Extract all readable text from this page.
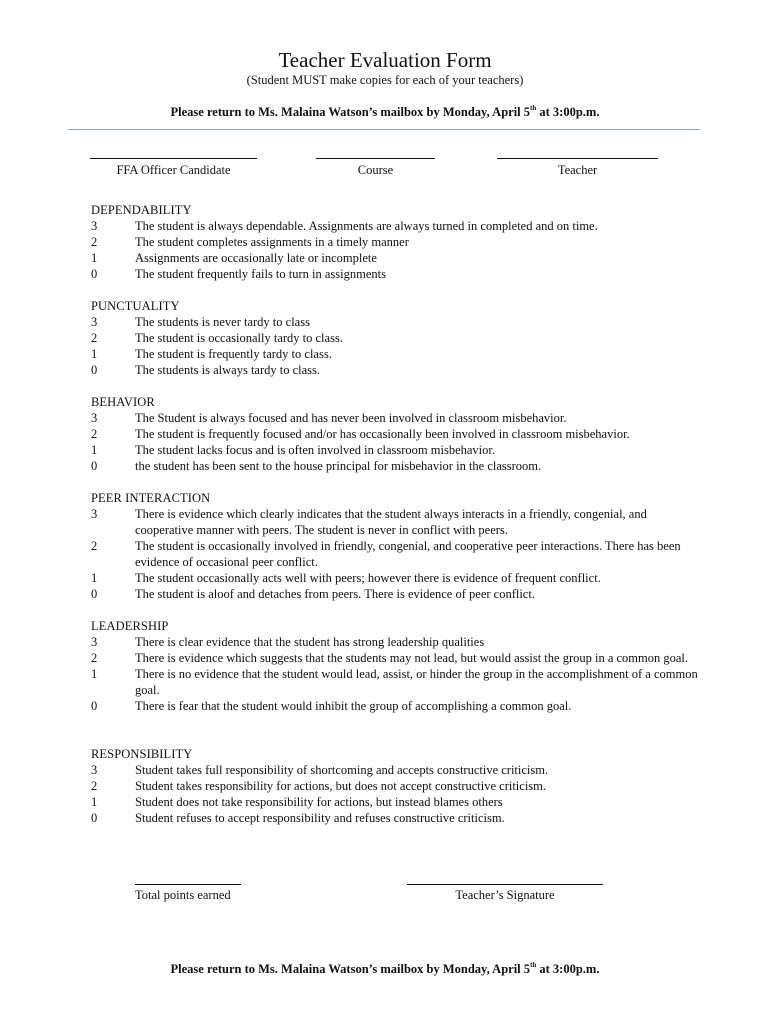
Teacher Evaluation Form
(Student MUST make copies for each of your teachers)
Please return to Ms. Malaina Watson’s mailbox by Monday, April 5th at 3:00p.m.
FFA Officer Candidate	Course	Teacher
DEPENDABILITY
3	The student is always dependable. Assignments are always turned in completed and on time.
2	The student completes assignments in a timely manner
1	Assignments are occasionally late or incomplete
0	The student frequently fails to turn in assignments
PUNCTUALITY
3	The students is never tardy to class
2	The student is occasionally tardy to class.
1	The student is frequently tardy to class.
0	The students is always tardy to class.
BEHAVIOR
3	The Student is always focused and has never been involved in classroom misbehavior.
2	The student is frequently focused and/or has occasionally been involved in classroom misbehavior.
1	The student lacks focus and is often involved in classroom misbehavior.
0	the student has been sent to the house principal for misbehavior in the classroom.
PEER INTERACTION
3	There is evidence which clearly indicates that the student always interacts in a friendly, congenial, and cooperative manner with peers. The student is never in conflict with peers.
2	The student is occasionally involved in friendly, congenial, and cooperative peer interactions. There has been evidence of occasional peer conflict.
1	The student occasionally acts well with peers; however there is evidence of frequent conflict.
0	The student is aloof and detaches from peers. There is evidence of peer conflict.
LEADERSHIP
3	There is clear evidence that the student has strong leadership qualities
2	There is evidence which suggests that the students may not lead, but would assist the group in a common goal.
1	There is no evidence that the student would lead, assist, or hinder the group in the accomplishment of a common goal.
0	There is fear that the student would inhibit the group of accomplishing a common goal.
RESPONSIBILITY
3	Student takes full responsibility of shortcoming and accepts constructive criticism.
2	Student takes responsibility for actions, but does not accept constructive criticism.
1	Student does not take responsibility for actions, but instead blames others
0	Student refuses to accept responsibility and refuses constructive criticism.
Total points earned	Teacher’s Signature
Please return to Ms. Malaina Watson’s mailbox by Monday, April 5th at 3:00p.m.
